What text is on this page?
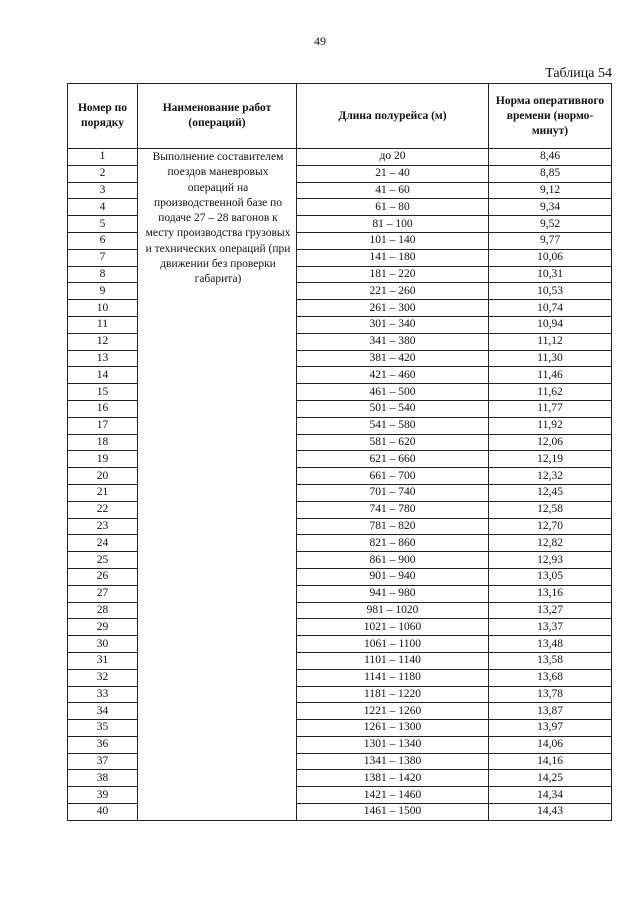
49
Таблица 54
Номер по порядку	Наименование работ (операций)	Длина полурейса (м)	Норма оперативного времени (нормо-минут)
1	Выполнение составителем поездов маневровых операций на производственной базе по подаче 27 – 28 вагонов к месту производства грузовых и технических операций (при движении без проверки габарита)	до 20	8,46
2		21 – 40	8,85
3		41 – 60	9,12
4		61 – 80	9,34
5		81 – 100	9,52
6		101 – 140	9,77
7		141 – 180	10,06
8		181 – 220	10,31
9		221 – 260	10,53
10		261 – 300	10,74
11		301 – 340	10,94
12		341 – 380	11,12
13		381 – 420	11,30
14		421 – 460	11,46
15		461 – 500	11,62
16		501 – 540	11,77
17		541 – 580	11,92
18		581 – 620	12,06
19		621 – 660	12,19
20		661 – 700	12,32
21		701 – 740	12,45
22		741 – 780	12,58
23		781 – 820	12,70
24		821 – 860	12,82
25		861 – 900	12,93
26		901 – 940	13,05
27		941 – 980	13,16
28		981 – 1020	13,27
29		1021 – 1060	13,37
30		1061 – 1100	13,48
31		1101 – 1140	13,58
32		1141 – 1180	13,68
33		1181 – 1220	13,78
34		1221 – 1260	13,87
35		1261 – 1300	13,97
36		1301 – 1340	14,06
37		1341 – 1380	14,16
38		1381 – 1420	14,25
39		1421 – 1460	14,34
40		1461 – 1500	14,43
